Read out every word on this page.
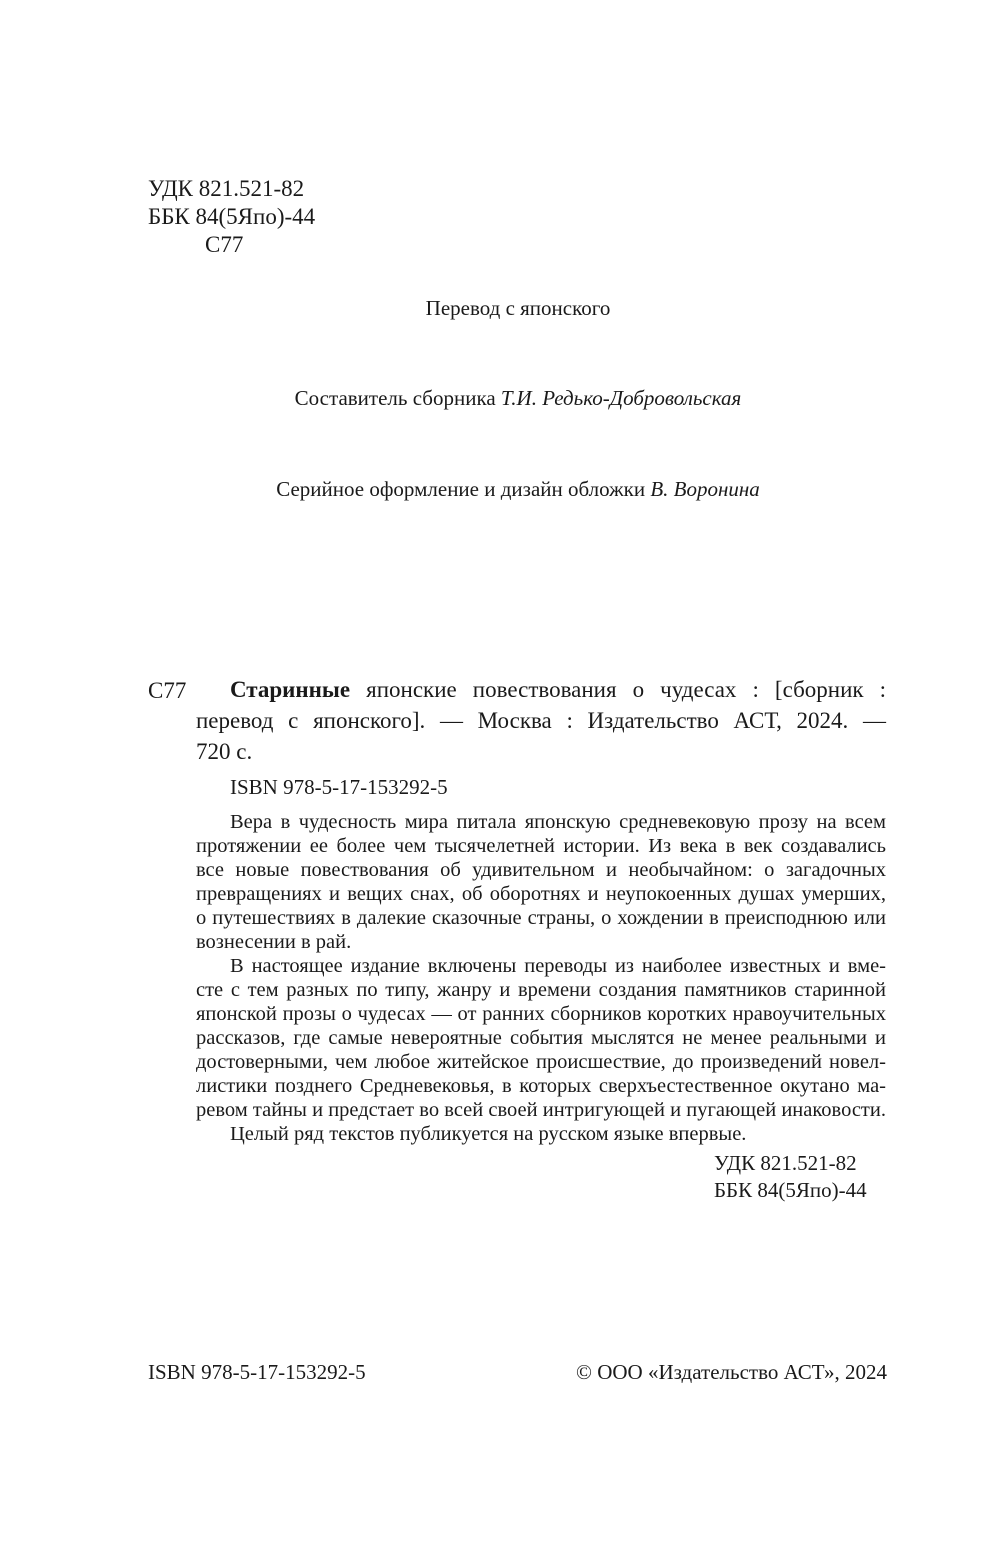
УДК 821.521-82
ББК 84(5Япо)-44
С77
Перевод с японского
Составитель сборника Т.И. Редько-Добровольская
Серийное оформление и дизайн обложки В. Воронина
С77 Старинные японские повествования о чудесах : [сборник :
перевод с японского]. — Москва : Издательство АСТ, 2024. —
720 с.
ISBN 978-5-17-153292-5
Вера в чудесность мира питала японскую средневековую прозу на всем
протяжении ее более чем тысячелетней истории. Из века в век создавались
все новые повествования об удивительном и необычайном: о загадочных
превращениях и вещих снах, об оборотнях и неупокоенных душах умерших,
о путешествиях в далекие сказочные страны, о хождении в преисподнюю или
вознесении в рай.
В настоящее издание включены переводы из наиболее известных и вме-
сте с тем разных по типу, жанру и времени создания памятников старинной
японской прозы о чудесах — от ранних сборников коротких нравоучительных
рассказов, где самые невероятные события мыслятся не менее реальными и
достоверными, чем любое житейское происшествие, до произведений новел-
листики позднего Средневековья, в которых сверхъестественное окутано ма-
ревом тайны и предстает во всей своей интригующей и пугающей инаковости.
Целый ряд текстов публикуется на русском языке впервые.
УДК 821.521-82
ББК 84(5Япо)-44
ISBN 978-5-17-153292-5	© ООО «Издательство АСТ», 2024
